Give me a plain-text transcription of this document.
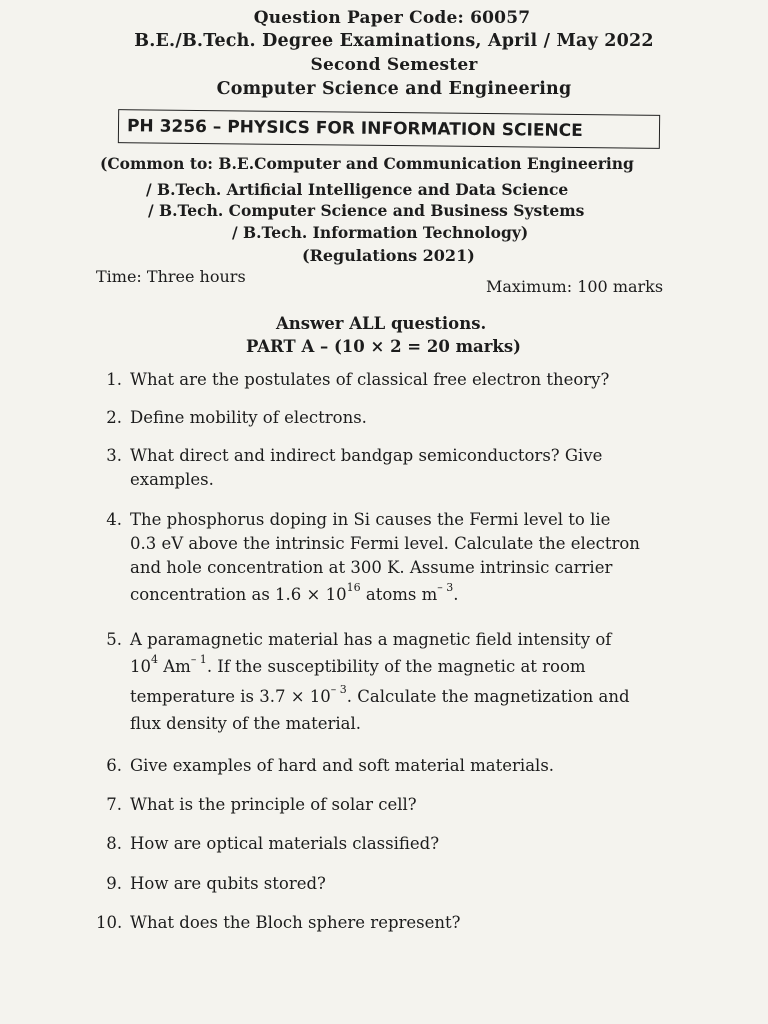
Question Paper Code: 60057
B.E./B.Tech. Degree Examinations, April / May 2022
Second Semester
Computer Science and Engineering
PH 3256 – PHYSICS FOR INFORMATION SCIENCE
(Common to: B.E.Computer and Communication Engineering
/ B.Tech. Artificial Intelligence and Data Science
/ B.Tech. Computer Science and Business Systems
/ B.Tech. Information Technology)
(Regulations 2021)
Time: Three hours
Maximum: 100 marks
Answer ALL questions.
PART A – (10 × 2 = 20 marks)
1. What are the postulates of classical free electron theory?
2. Define mobility of electrons.
3. What direct and indirect bandgap semiconductors? Give
examples.
4. The phosphorus doping in Si causes the Fermi level to lie
0.3 eV above the intrinsic Fermi level. Calculate the electron
and hole concentration at 300 K. Assume intrinsic carrier
concentration as $1.6 \times 10^{16}$ atoms $m^{- 3}$.
5. A paramagnetic material has a magnetic field intensity of
$10^4$ $Am^{- 1}$. If the susceptibility of the magnetic at room
temperature is $3.7 \times 10^{- 3}$. Calculate the magnetization and
flux density of the material.
6. Give examples of hard and soft material materials.
7. What is the principle of solar cell?
8. How are optical materials classified?
9. How are qubits stored?
10. What does the Bloch sphere represent?
